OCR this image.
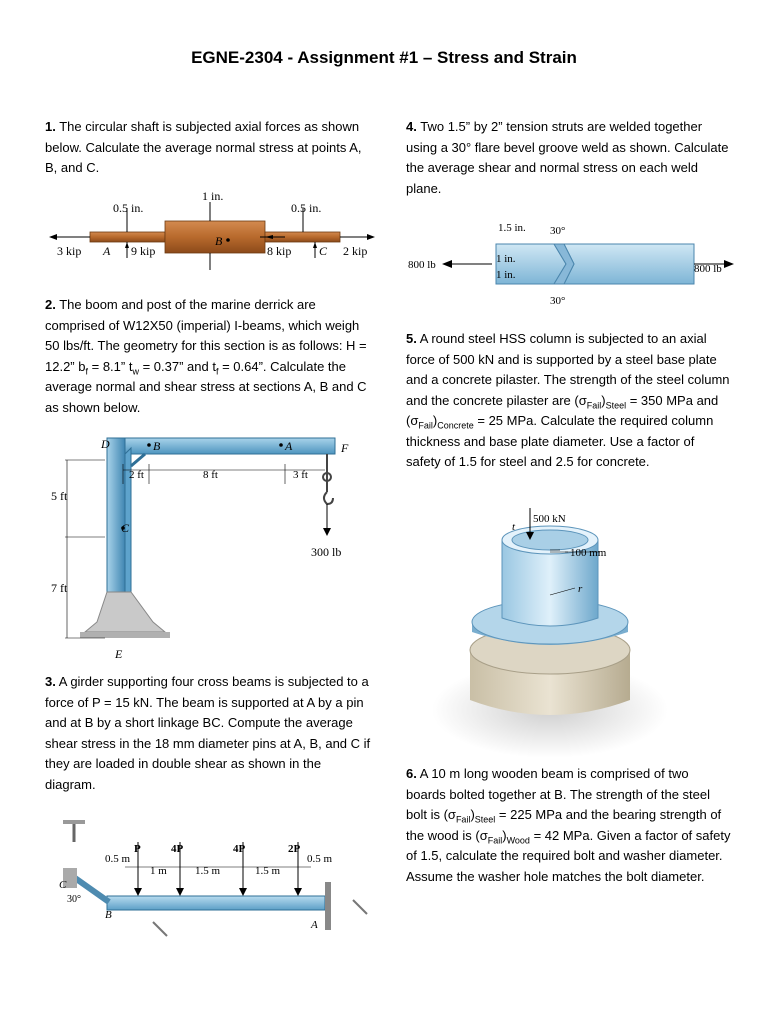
EGNE-2304 - Assignment #1 – Stress and Strain
1. The circular shaft is subjected axial forces as shown below. Calculate the average normal stress at points A, B, and C.
1 in.
0.5 in.	0.5 in.
3 kip A 9 kip
B
8 kip C 2 kip
2. The boom and post of the marine derrick are comprised of W12X50 (imperial) I-beams, which weigh 50 lbs/ft. The geometry for this section is as follows: H = 12.2” $b_f = 8.1$” $t_w = 0.37$” and $t_f = 0.64$”. Calculate the average normal and shear stress at sections A, B and C as shown below.
D	B	A	F
2 ft	8 ft	3 ft
5 ft
7 ft
C
300 lb
E
3. A girder supporting four cross beams is subjected to a force of P = 15 kN. The beam is supported at A by a pin and at B by a short linkage BC. Compute the average shear stress in the 18 mm diameter pins at A, B, and C if they are loaded in double shear as shown in the diagram.
P	4P	4P	2P
0.5 m
1 m	1.5 m	1.5 m
0.5 m
C
30°
B
A
4. Two 1.5” by 2” tension struts are welded together using a 30° flare bevel groove weld as shown. Calculate the average shear and normal stress on each weld plane.
1.5 in. 30°
800 lb	1 in.
1 in.	800 lb
30°
5. A round steel HSS column is subjected to an axial force of 500 kN and is supported by a steel base plate and a concrete pilaster. The strength of the steel column and the concrete pilaster are $(\sigma_{Fail})_{Steel} = 350$ MPa and $(\sigma_{Fail})_{Concrete} = 25$ MPa. Calculate the required column thickness and base plate diameter. Use a factor of safety of 1.5 for steel and 2.5 for concrete.
500 kN
t
100 mm
r
6. A 10 m long wooden beam is comprised of two boards bolted together at B. The strength of the steel bolt is $(\sigma_{Fail})_{Steel} = 225$ MPa and the bearing strength of the wood is $(\sigma_{Fail})_{Wood} = 42$ MPa. Given a factor of safety of 1.5, calculate the required bolt and washer diameter. Assume the washer hole matches the bolt diameter.
